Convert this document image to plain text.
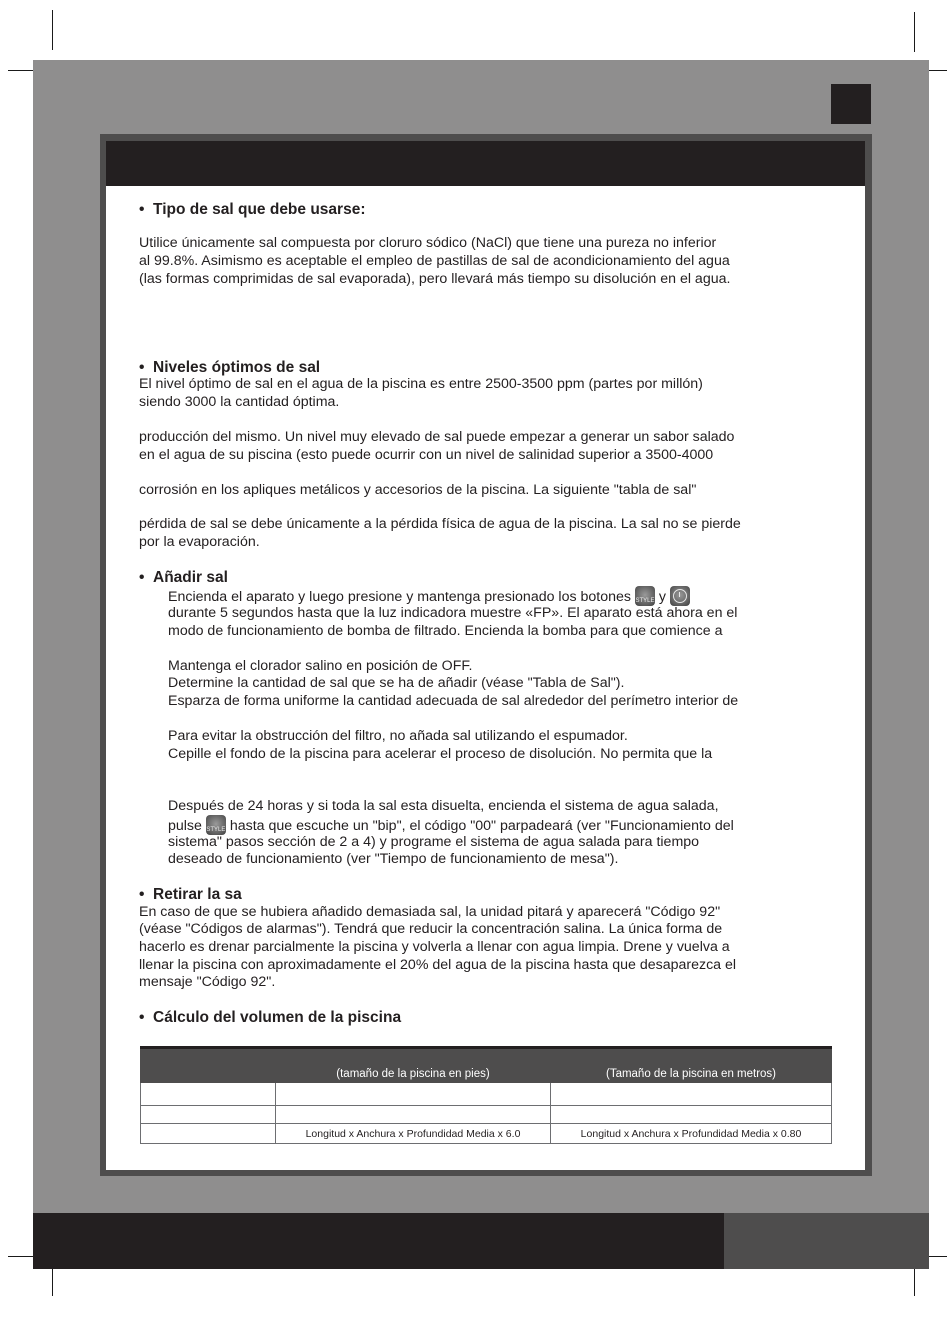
• Tipo de sal que debe usarse:
Utilice únicamente sal compuesta por cloruro sódico (NaCl) que tiene una pureza no inferior
al 99.8%. Asimismo es aceptable el empleo de pastillas de sal de acondicionamiento del agua
(las formas comprimidas de sal evaporada), pero llevará más tiempo su disolución en el agua.
• Niveles óptimos de sal
El nivel óptimo de sal en el agua de la piscina es entre 2500-3500 ppm (partes por millón)
siendo 3000 la cantidad óptima.
producción del mismo. Un nivel muy elevado de sal puede empezar a generar un sabor salado
en el agua de su piscina (esto puede ocurrir con un nivel de salinidad superior a 3500-4000
corrosión en los apliques metálicos y accesorios de la piscina. La siguiente "tabla de sal"
pérdida de sal se debe únicamente a la pérdida física de agua de la piscina. La sal no se pierde
por la evaporación.
• Añadir sal
Encienda el aparato y luego presione y mantenga presionado los botones STYLE y
durante 5 segundos hasta que la luz indicadora muestre «FP». El aparato está ahora en el
modo de funcionamiento de bomba de filtrado. Encienda la bomba para que comience a
Mantenga el clorador salino en posición de OFF.
Determine la cantidad de sal que se ha de añadir (véase "Tabla de Sal").
Esparza de forma uniforme la cantidad adecuada de sal alrededor del perímetro interior de
Para evitar la obstrucción del filtro, no añada sal utilizando el espumador.
Cepille el fondo de la piscina para acelerar el proceso de disolución. No permita que la
Después de 24 horas y si toda la sal esta disuelta, encienda el sistema de agua salada,
pulse STYLE hasta que escuche un "bip", el código "00" parpadeará (ver "Funcionamiento del
sistema" pasos sección de 2 a 4) y programe el sistema de agua salada para tiempo
deseado de funcionamiento (ver "Tiempo de funcionamiento de mesa").
• Retirar la sa
En caso de que se hubiera añadido demasiada sal, la unidad pitará y aparecerá "Código 92"
(véase "Códigos de alarmas"). Tendrá que reducir la concentración salina. La única forma de
hacerlo es drenar parcialmente la piscina y volverla a llenar con agua limpia. Drene y vuelva a
llenar la piscina con aproximadamente el 20% del agua de la piscina hasta que desaparezca el
mensaje "Código 92".
• Cálculo del volumen de la piscina
	(tamaño de la piscina en pies)	(Tamaño de la piscina en metros)

	Longitud x Anchura x Profundidad Media x 6.0	Longitud x Anchura x Profundidad Media x 0.80
